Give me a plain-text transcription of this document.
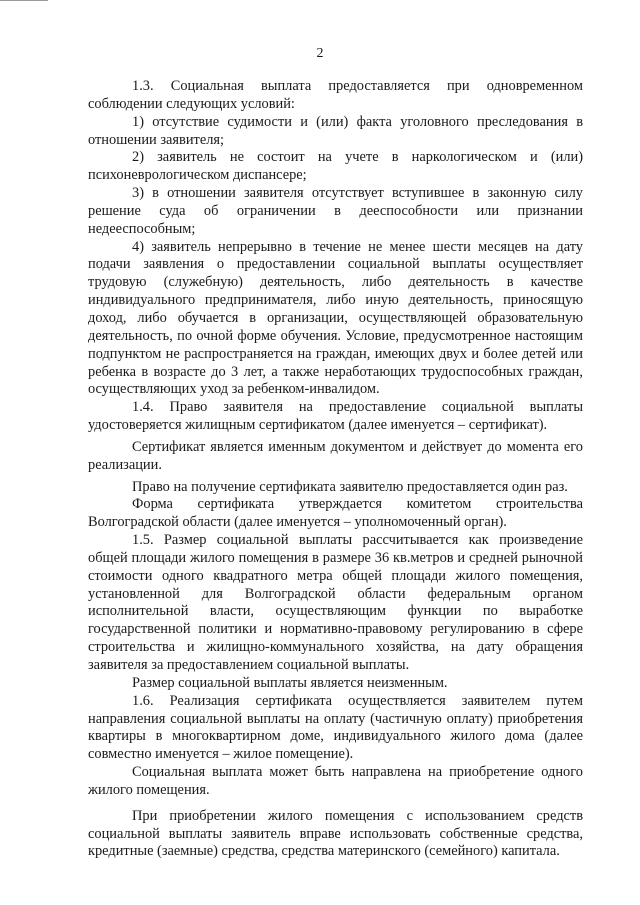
2

1.3. Социальная выплата предоставляется при одновременном соблюдении следующих условий:

1) отсутствие судимости и (или) факта уголовного преследования в отношении заявителя;

2) заявитель не состоит на учете в наркологическом и (или) психоневрологическом диспансере;

3) в отношении заявителя отсутствует вступившее в законную силу решение суда об ограничении в дееспособности или признании недееспособным;

4) заявитель непрерывно в течение не менее шести месяцев на дату подачи заявления о предоставлении социальной выплаты осуществляет трудовую (служебную) деятельность, либо деятельность в качестве индивидуального предпринимателя, либо иную деятельность, приносящую доход, либо обучается в организации, осуществляющей образовательную деятельность, по очной форме обучения. Условие, предусмотренное настоящим подпунктом не распространяется на граждан, имеющих двух и более детей или ребенка в возрасте до 3 лет, а также неработающих трудоспособных граждан, осуществляющих уход за ребенком-инвалидом.

1.4. Право заявителя на предоставление социальной выплаты удостоверяется жилищным сертификатом (далее именуется – сертификат).

Сертификат является именным документом и действует до момента его реализации.

Право на получение сертификата заявителю предоставляется один раз.

Форма сертификата утверждается комитетом строительства Волгоградской области (далее именуется – уполномоченный орган).

1.5. Размер социальной выплаты рассчитывается как произведение общей площади жилого помещения в размере 36 кв.метров и средней рыночной стоимости одного квадратного метра общей площади жилого помещения, установленной для Волгоградской области федеральным органом исполнительной власти, осуществляющим функции по выработке государственной политики и нормативно-правовому регулированию в сфере строительства и жилищно-коммунального хозяйства, на дату обращения заявителя за предоставлением социальной выплаты.

Размер социальной выплаты является неизменным.

1.6. Реализация сертификата осуществляется заявителем путем направления социальной выплаты на оплату (частичную оплату) приобретения квартиры в многоквартирном доме, индивидуального жилого дома (далее совместно именуется – жилое помещение).

Социальная выплата может быть направлена на приобретение одного жилого помещения.

При приобретении жилого помещения с использованием средств социальной выплаты заявитель вправе использовать собственные средства, кредитные (заемные) средства, средства материнского (семейного) капитала.
